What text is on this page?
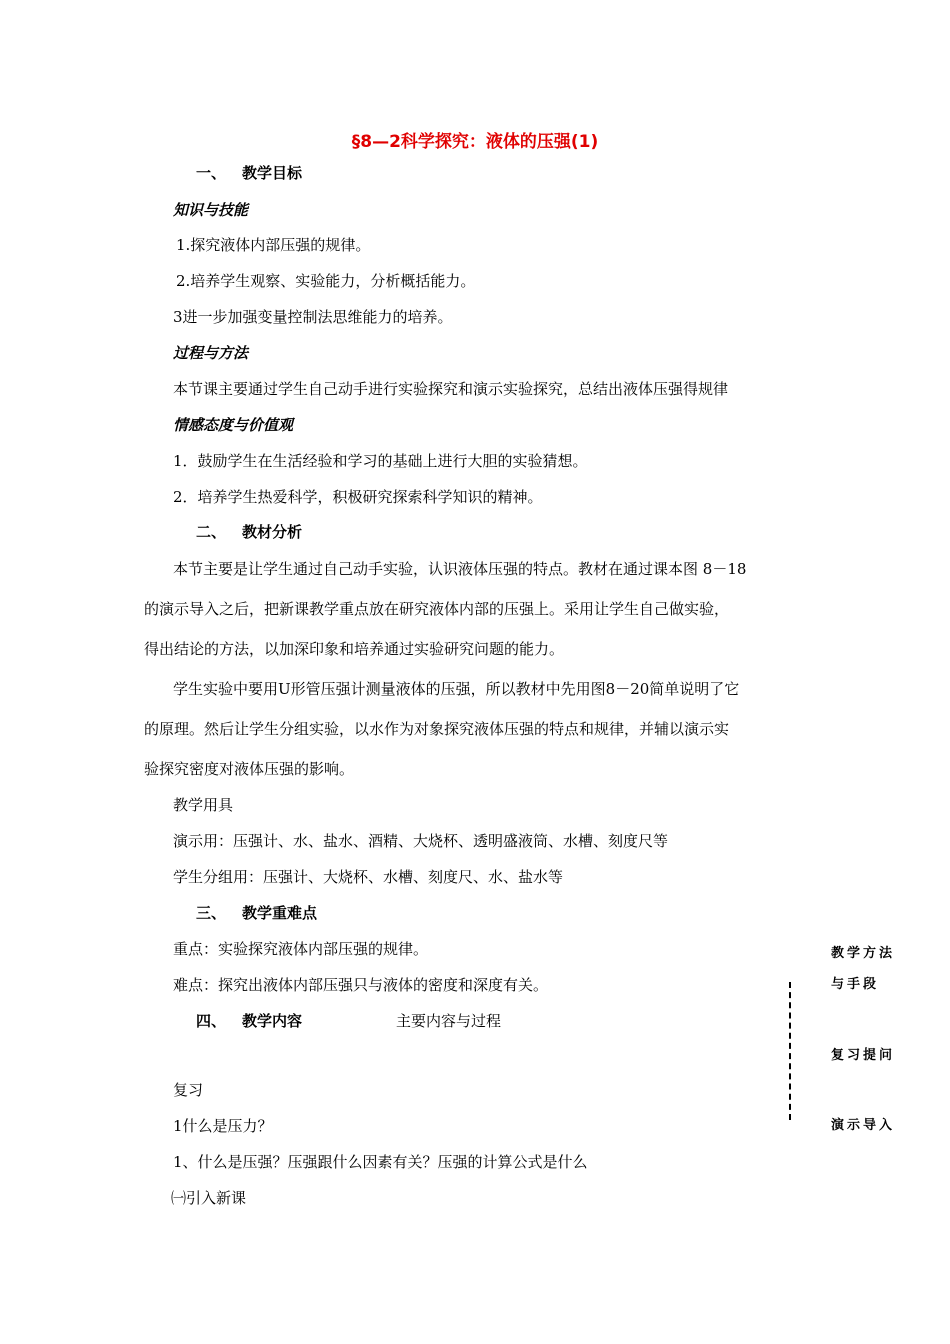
§8—2科学探究：液体的压强(1)
一、 教学目标
知识与技能
1.探究液体内部压强的规律。
2.培养学生观察、实验能力，分析概括能力。
3进一步加强变量控制法思维能力的培养。
过程与方法
本节课主要通过学生自己动手进行实验探究和演示实验探究，总结出液体压强得规律
情感态度与价值观
1．鼓励学生在生活经验和学习的基础上进行大胆的实验猜想。
2．培养学生热爱科学，积极研究探索科学知识的精神。
二、 教材分析
本节主要是让学生通过自己动手实验，认识液体压强的特点。教材在通过课本图 8－18
的演示导入之后，把新课教学重点放在研究液体内部的压强上。采用让学生自己做实验，
得出结论的方法，以加深印象和培养通过实验研究问题的能力。
学生实验中要用U形管压强计测量液体的压强，所以教材中先用图8－20简单说明了它
的原理。然后让学生分组实验，以水作为对象探究液体压强的特点和规律，并辅以演示实
验探究密度对液体压强的影响。
教学用具
演示用：压强计、水、盐水、酒精、大烧杯、透明盛液筒、水槽、刻度尺等
学生分组用：压强计、大烧杯、水槽、刻度尺、水、盐水等
三、 教学重难点
重点：实验探究液体内部压强的规律。
难点：探究出液体内部压强只与液体的密度和深度有关。
四、 教学内容	主要内容与过程
复习
1什么是压力？
1、什么是压强？压强跟什么因素有关？压强的计算公式是什么
㈠引入新课
教学方法
与手段
复习提问
演示导入
